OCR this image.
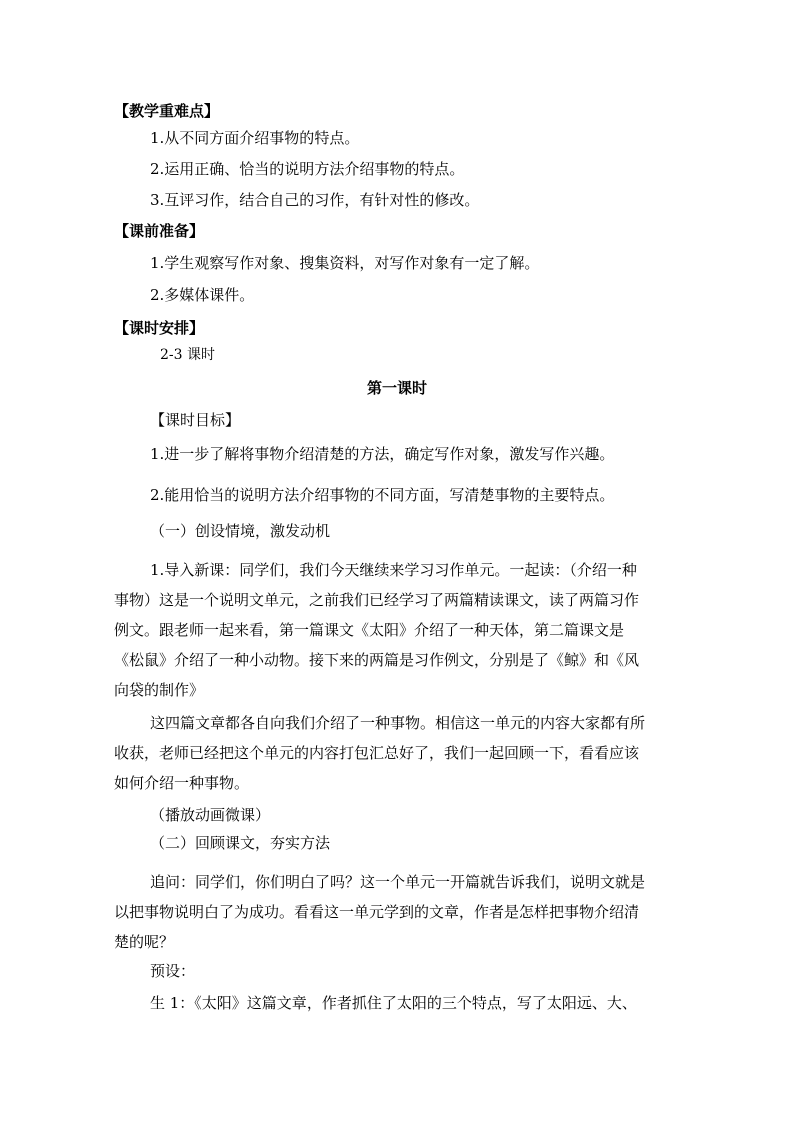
【教学重难点】
1.从不同方面介绍事物的特点。
2.运用正确、恰当的说明方法介绍事物的特点。
3.互评习作，结合自己的习作，有针对性的修改。
【课前准备】
1.学生观察写作对象、搜集资料，对写作对象有一定了解。
2.多媒体课件。
【课时安排】
2-3 课时
第一课时
【课时目标】
1.进一步了解将事物介绍清楚的方法，确定写作对象，激发写作兴趣。
2.能用恰当的说明方法介绍事物的不同方面，写清楚事物的主要特点。
（一）创设情境，激发动机
1.导入新课：同学们，我们今天继续来学习习作单元。一起读：（介绍一种
事物）这是一个说明文单元，之前我们已经学习了两篇精读课文，读了两篇习作
例文。跟老师一起来看，第一篇课文《太阳》介绍了一种天体，第二篇课文是
《松鼠》介绍了一种小动物。接下来的两篇是习作例文，分别是了《鲸》和《风
向袋的制作》
这四篇文章都各自向我们介绍了一种事物。相信这一单元的内容大家都有所
收获，老师已经把这个单元的内容打包汇总好了，我们一起回顾一下，看看应该
如何介绍一种事物。
（播放动画微课）
（二）回顾课文，夯实方法
追问：同学们，你们明白了吗？这一个单元一开篇就告诉我们，说明文就是
以把事物说明白了为成功。看看这一单元学到的文章，作者是怎样把事物介绍清
楚的呢？
预设：
生 1：《太阳》这篇文章，作者抓住了太阳的三个特点，写了太阳远、大、
